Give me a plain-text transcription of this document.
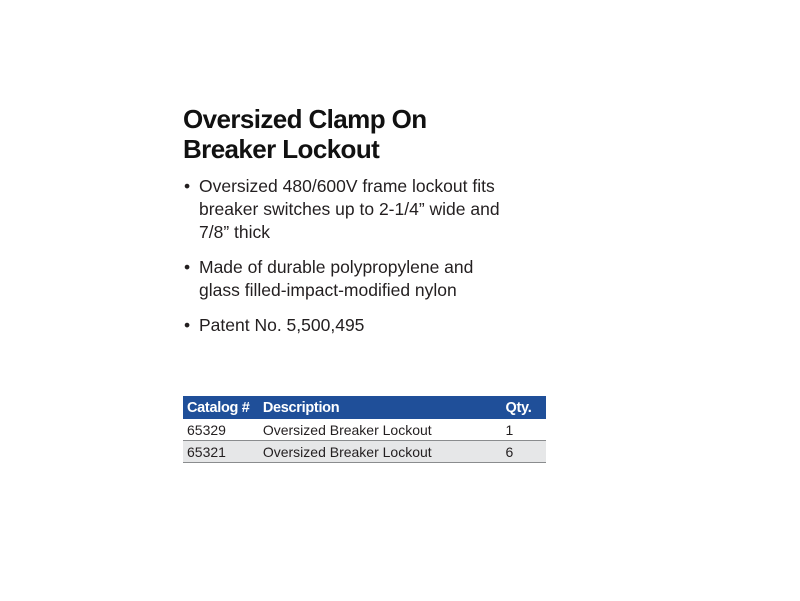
Oversized Clamp On
Breaker Lockout
• Oversized 480/600V frame lockout fits
breaker switches up to 2-1/4” wide and
7/8” thick
• Made of durable polypropylene and
glass filled-impact-modified nylon
• Patent No. 5,500,495
Catalog #	Description	Qty.
65329	Oversized Breaker Lockout	1
65321	Oversized Breaker Lockout	6
